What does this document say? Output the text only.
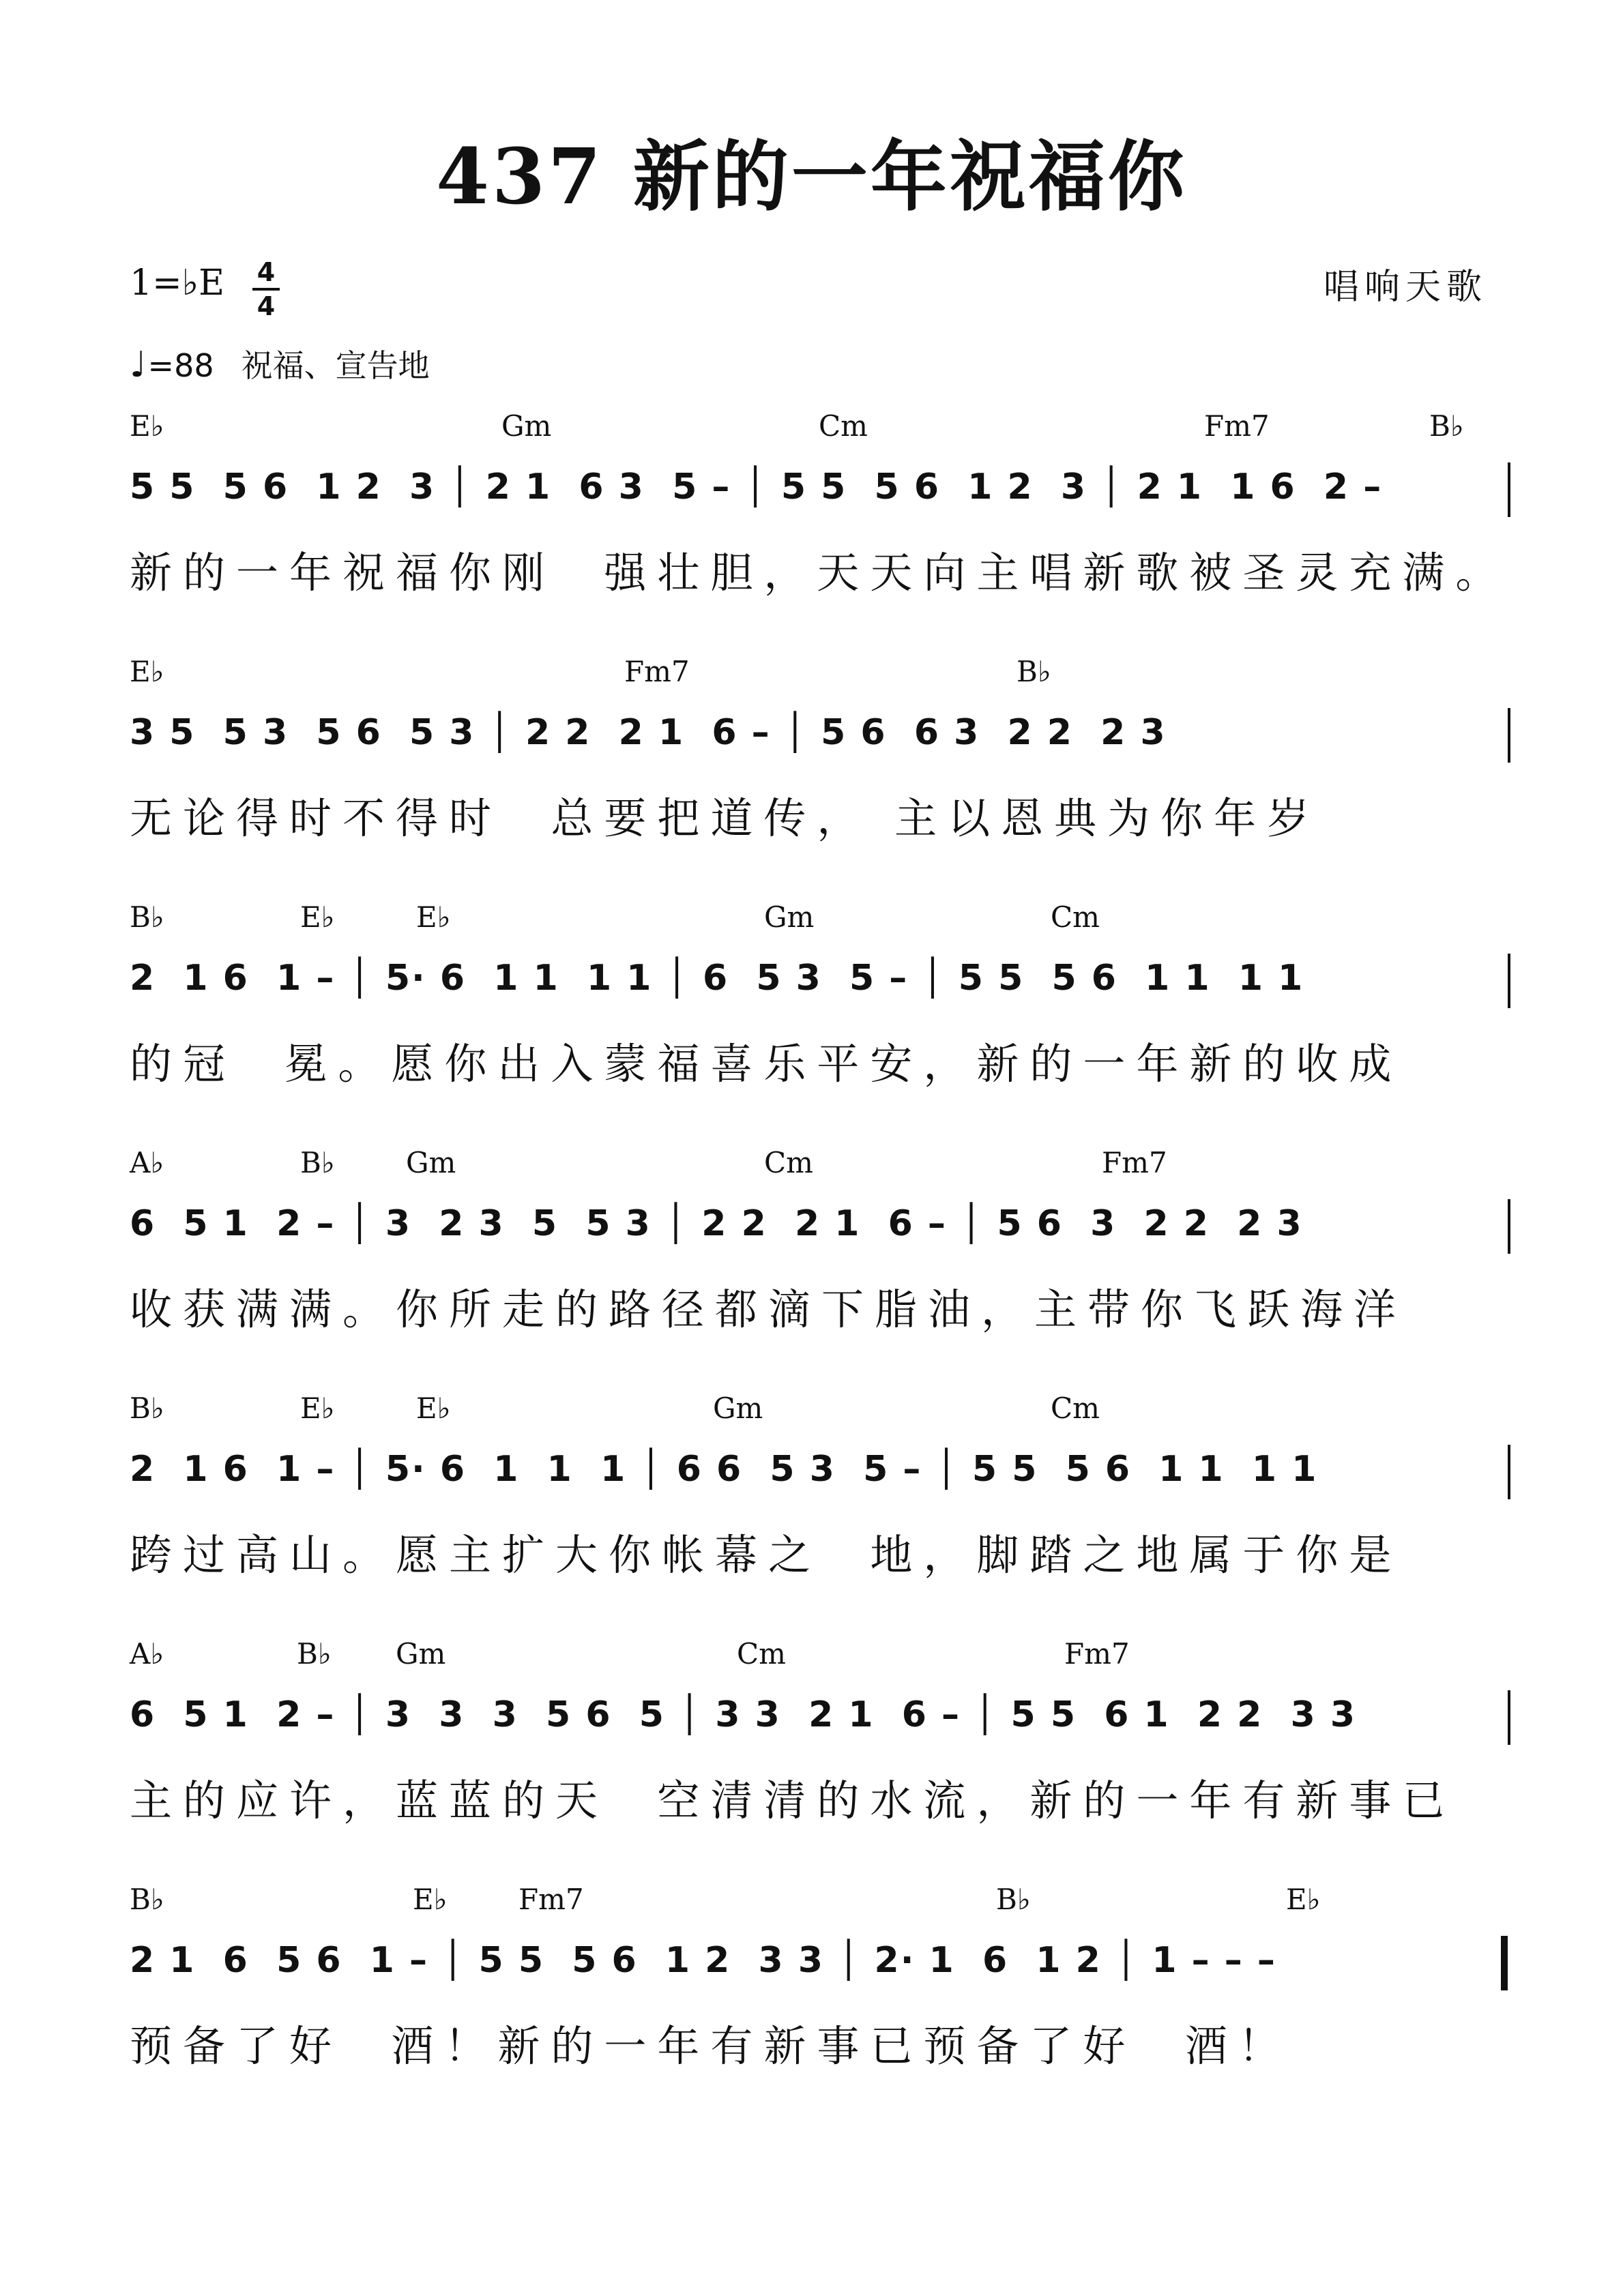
437 新的一年祝福你
1=♭E 4
4
♩=88 祝福、宣告地
唱响天歌
E♭	Gm	Cm	Fm7	B♭
5 5  5 6  1 2  3 │ 2 1  6 3  5 – │ 5 5  5 6  1 2  3 │ 2 1  1 6  2 –
新的一年祝福你刚  强壮胆，天天向主唱新歌被圣灵充满。
E♭	Fm7	B♭
3 5  5 3  5 6  5 3 │ 2 2  2 1  6 – │ 5 6  6 3  2 2  2 3
无论得时不得时  总要把道传， 主以恩典为你年岁
B♭	E♭	E♭	Gm	Cm
2  1 6  1 – │ 5· 6  1 1  1 1 │ 6  5 3  5 – │ 5 5  5 6  1 1  1 1
的冠  冕。愿你出入蒙福喜乐平安，新的一年新的收成
A♭	B♭ Gm	Cm	Fm7
6  5 1  2 – │ 3  2 3  5  5 3 │ 2 2  2 1  6 – │ 5 6  3  2 2  2 3
收获满满。你所走的路径都滴下脂油，主带你飞跃海洋
B♭	E♭	E♭	Gm	Cm
2  1 6  1 – │ 5· 6  1  1  1 │ 6 6  5 3  5 – │ 5 5  5 6  1 1  1 1
跨过高山。愿主扩大你帐幕之  地，脚踏之地属于你是
A♭	B♭ Gm	Cm	Fm7
6  5 1  2 – │ 3  3  3  5 6  5 │ 3 3  2 1  6 – │ 5 5  6 1  2 2  3 3
主的应许，蓝蓝的天  空清清的水流，新的一年有新事已
B♭	E♭ Fm7	B♭	E♭
2 1  6  5 6  1 – │ 5 5  5 6  1 2  3 3 │ 2· 1  6  1 2 │ 1 – – –
预备了好  酒！新的一年有新事已预备了好  酒！
